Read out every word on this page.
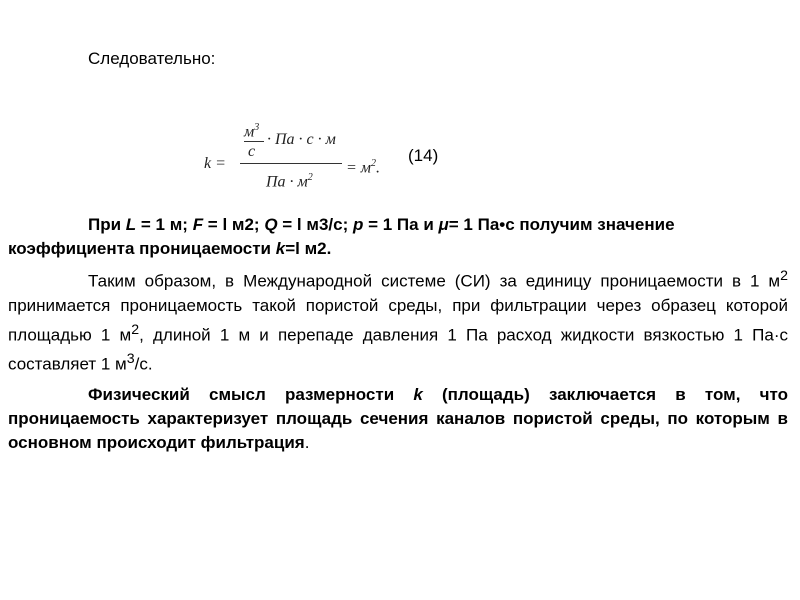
Следовательно:
k =
$м^3$
с
· Па · с · м
Па · $м^2$
= $м^2$.
(14)
При L = 1 м; F = l м2; Q = l м3/с; р = 1 Па и μ= 1 Па•с получим значение
коэффициента проницаемости k=l м2.
Таким образом, в Международной системе (СИ) за единицу проницаемости в 1 $м^2$ принимается проницаемость такой пористой среды, при фильтрации через образец которой площадью 1 $м^2$, длиной 1 м и перепаде давления 1 Па расход жидкости вязкостью 1 Па·с составляет 1 $м^3/с$.
Физический смысл размерности k (площадь) заключается в том, что проницаемость характеризует площадь сечения каналов пористой среды, по которым в основном происходит фильтрация.
